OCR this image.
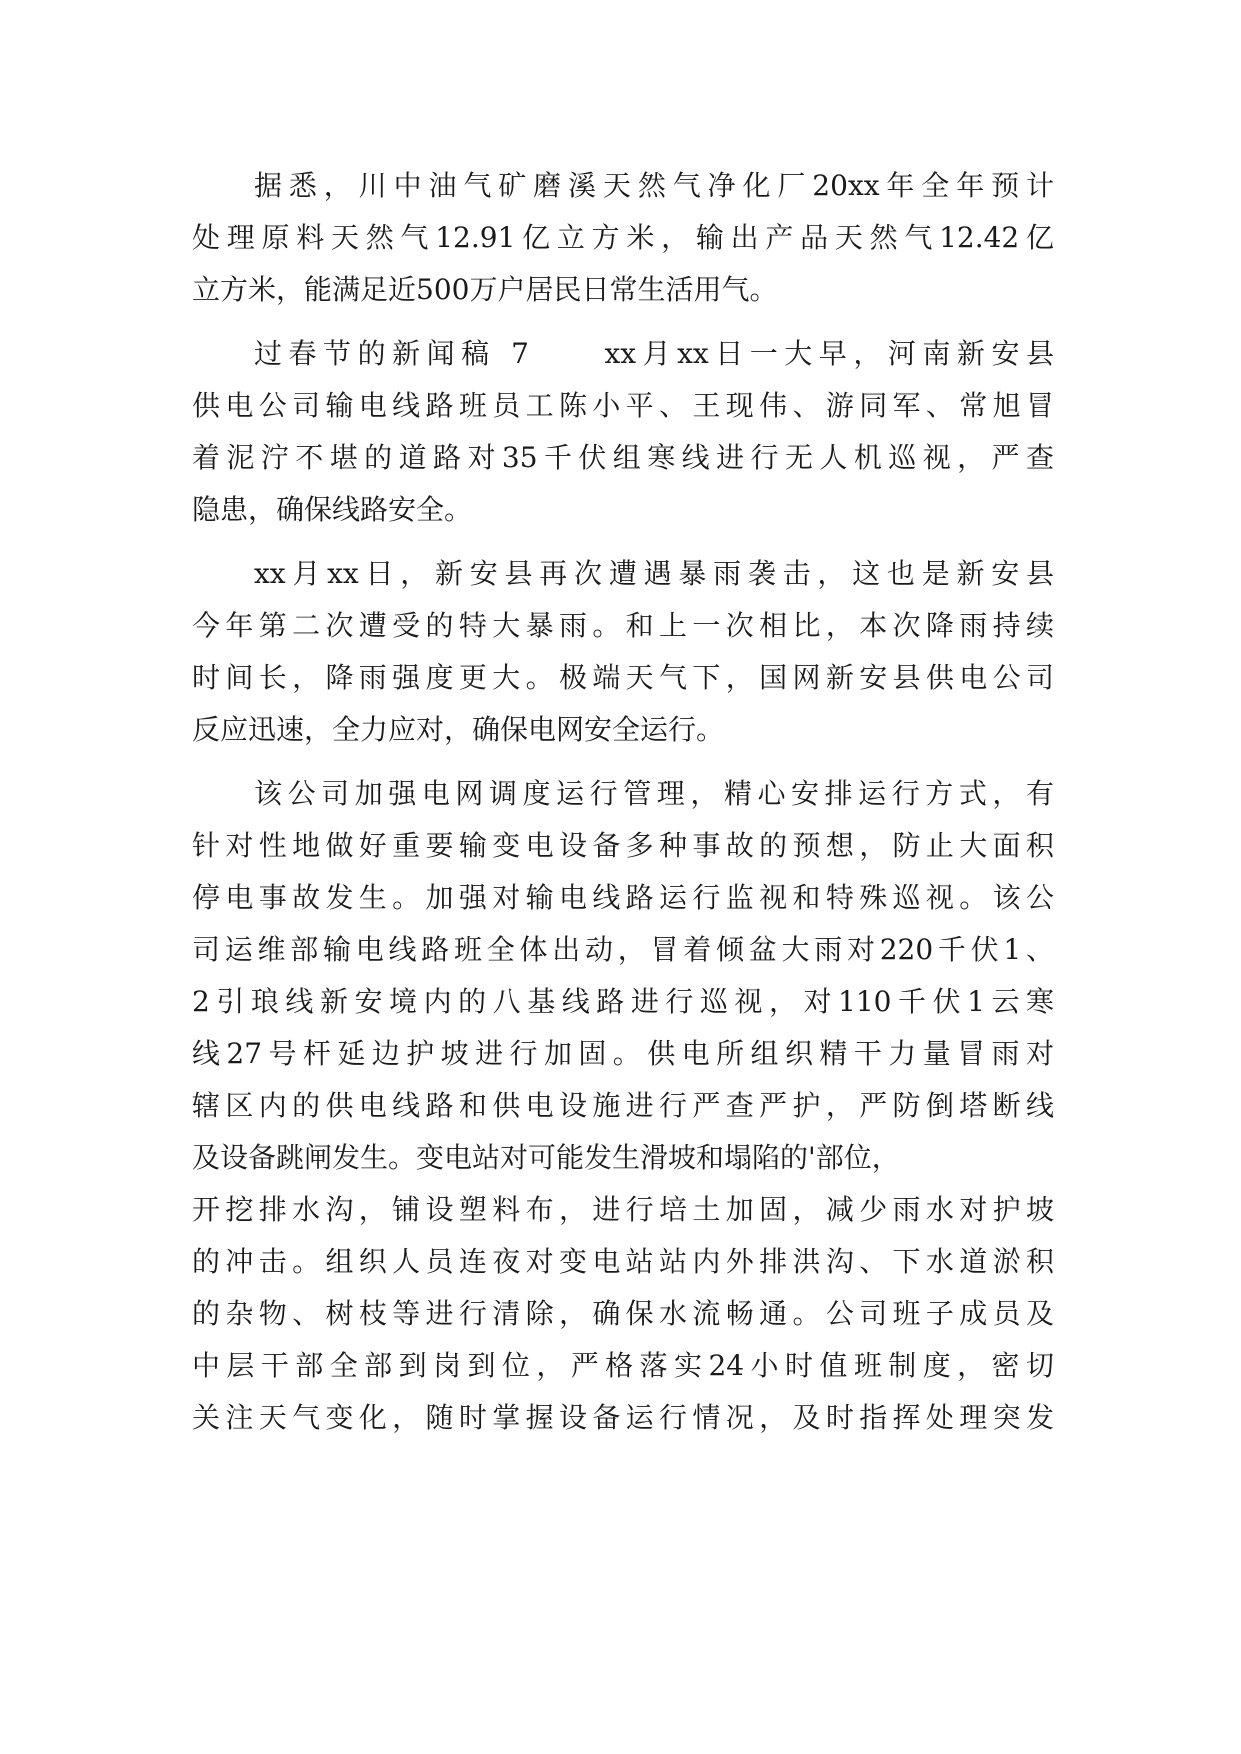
据悉，川中油气矿磨溪天然气净化厂20xx年全年预计
处理原料天然气12.91亿立方米，输出产品天然气12.42亿
立方米，能满足近500万户居民日常生活用气。
过春节的新闻稿 7　　xx月xx日一大早，河南新安县
供电公司输电线路班员工陈小平、王现伟、游同军、常旭冒
着泥泞不堪的道路对35千伏组寒线进行无人机巡视，严查
隐患，确保线路安全。
xx月xx日，新安县再次遭遇暴雨袭击，这也是新安县
今年第二次遭受的特大暴雨。和上一次相比，本次降雨持续
时间长，降雨强度更大。极端天气下，国网新安县供电公司
反应迅速，全力应对，确保电网安全运行。
该公司加强电网调度运行管理，精心安排运行方式，有
针对性地做好重要输变电设备多种事故的预想，防止大面积
停电事故发生。加强对输电线路运行监视和特殊巡视。该公
司运维部输电线路班全体出动，冒着倾盆大雨对220千伏1、
2引琅线新安境内的八基线路进行巡视，对110千伏1云寒
线27号杆延边护坡进行加固。供电所组织精干力量冒雨对
辖区内的供电线路和供电设施进行严查严护，严防倒塔断线
及设备跳闸发生。变电站对可能发生滑坡和塌陷的'部位，
开挖排水沟，铺设塑料布，进行培土加固，减少雨水对护坡
的冲击。组织人员连夜对变电站站内外排洪沟、下水道淤积
的杂物、树枝等进行清除，确保水流畅通。公司班子成员及
中层干部全部到岗到位，严格落实24小时值班制度，密切
关注天气变化，随时掌握设备运行情况，及时指挥处理突发
